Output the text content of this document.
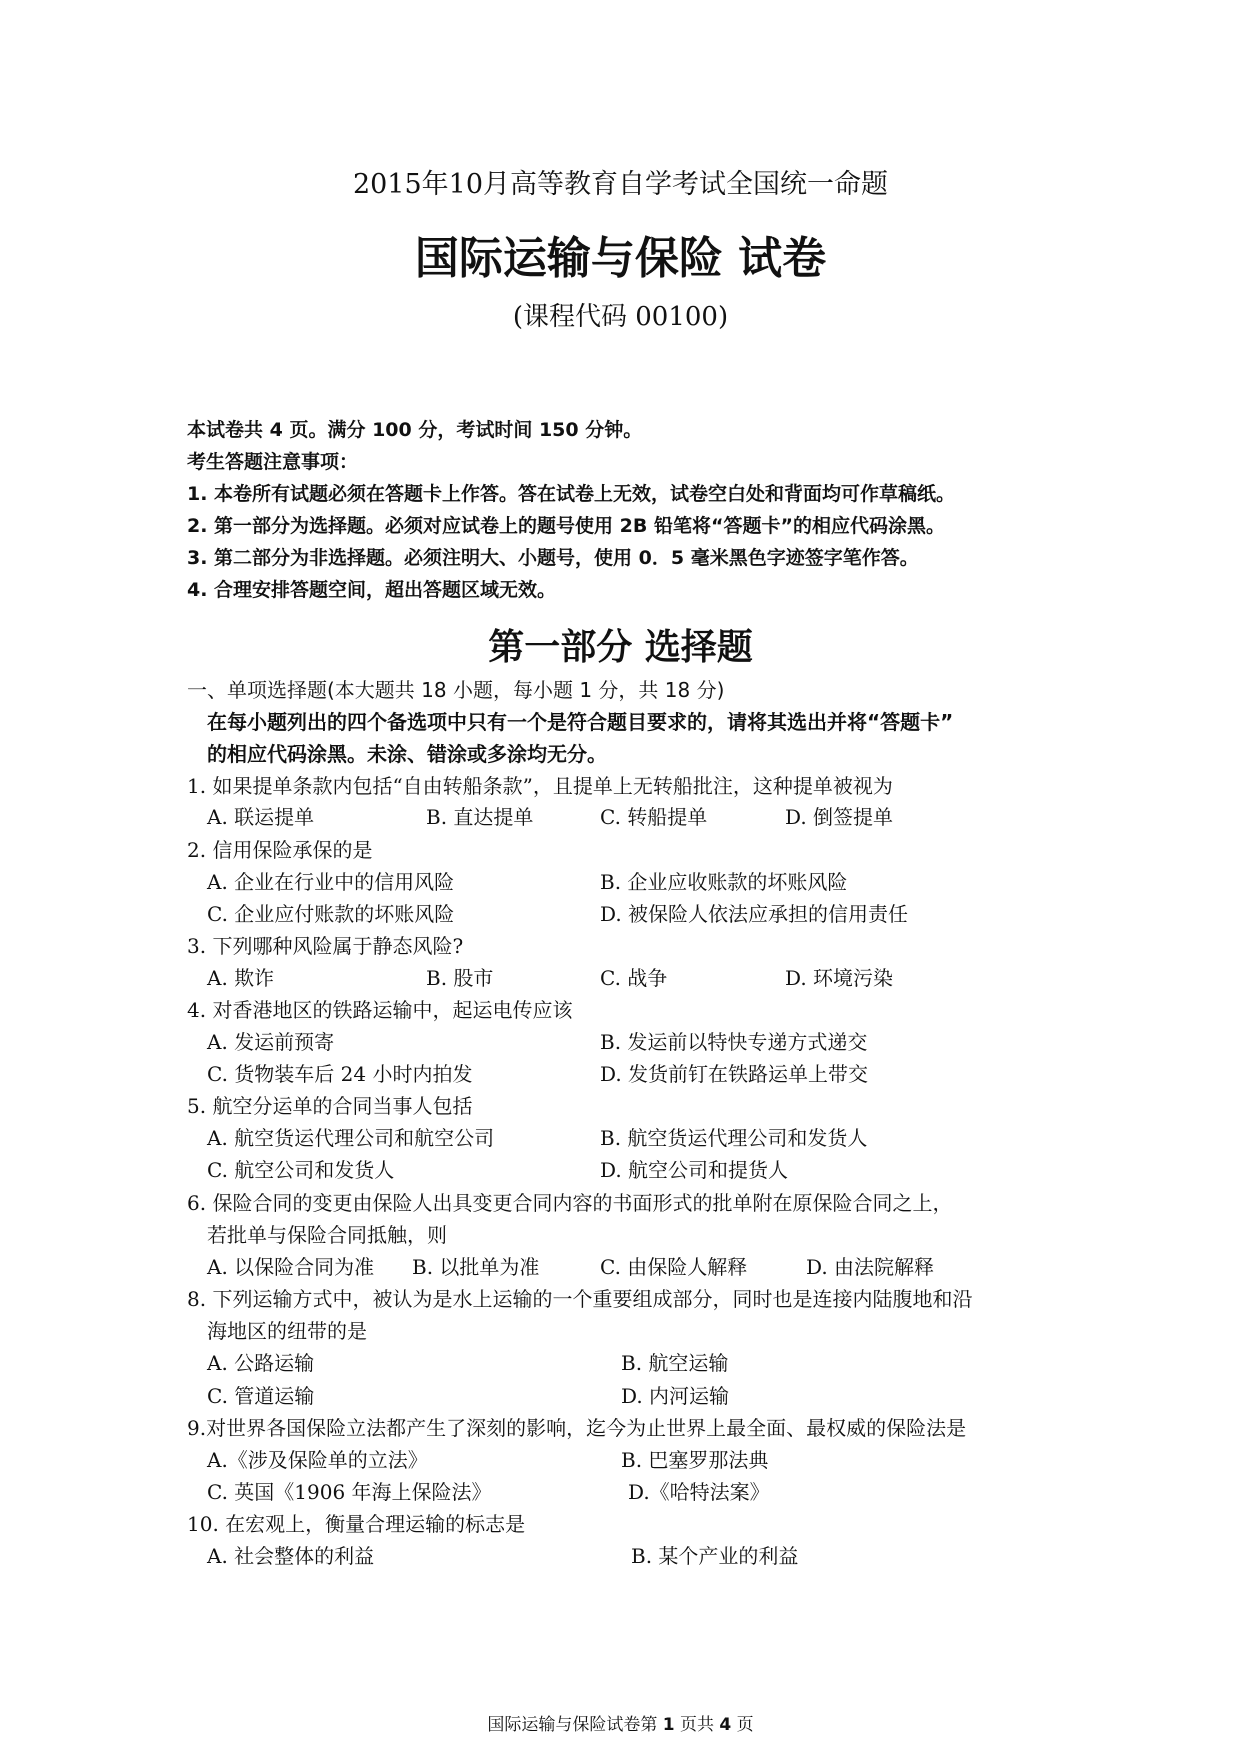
2015年10月高等教育自学考试全国统一命题
国际运输与保险 试卷
(课程代码 00100)
本试卷共 4 页。满分 100 分，考试时间 150 分钟。
考生答题注意事项：
1. 本卷所有试题必须在答题卡上作答。答在试卷上无效，试卷空白处和背面均可作草稿纸。
2. 第一部分为选择题。必须对应试卷上的题号使用 2B 铅笔将“答题卡”的相应代码涂黑。
3. 第二部分为非选择题。必须注明大、小题号，使用 0．5 毫米黑色字迹签字笔作答。
4. 合理安排答题空间，超出答题区域无效。
第一部分 选择题
一、单项选择题(本大题共 18 小题，每小题 1 分，共 18 分)
在每小题列出的四个备选项中只有一个是符合题目要求的，请将其选出并将“答题卡”
的相应代码涂黑。未涂、错涂或多涂均无分。
1. 如果提单条款内包括“自由转船条款”，且提单上无转船批注，这种提单被视为
A. 联运提单	B. 直达提单	C. 转船提单	D. 倒签提单
2. 信用保险承保的是
A. 企业在行业中的信用风险	B. 企业应收账款的坏账风险
C. 企业应付账款的坏账风险	D. 被保险人依法应承担的信用责任
3. 下列哪种风险属于静态风险?
A. 欺诈	B. 股市	C. 战争	D. 环境污染
4. 对香港地区的铁路运输中，起运电传应该
A. 发运前预寄	B. 发运前以特快专递方式递交
C. 货物装车后 24 小时内拍发	D. 发货前钉在铁路运单上带交
5. 航空分运单的合同当事人包括
A. 航空货运代理公司和航空公司	B. 航空货运代理公司和发货人
C. 航空公司和发货人	D. 航空公司和提货人
6. 保险合同的变更由保险人出具变更合同内容的书面形式的批单附在原保险合同之上，
若批单与保险合同抵触，则
A. 以保险合同为准 B. 以批单为准	C. 由保险人解释	D. 由法院解释
8. 下列运输方式中，被认为是水上运输的一个重要组成部分，同时也是连接内陆腹地和沿
海地区的纽带的是
A. 公路运输	B. 航空运输
C. 管道运输	D. 内河运输
9.对世界各国保险立法都产生了深刻的影响，迄今为止世界上最全面、最权威的保险法是
A.《涉及保险单的立法》	B. 巴塞罗那法典
C. 英国《1906 年海上保险法》	D.《哈特法案》
10. 在宏观上，衡量合理运输的标志是
A. 社会整体的利益	B. 某个产业的利益
国际运输与保险试卷第 1 页共 4 页
